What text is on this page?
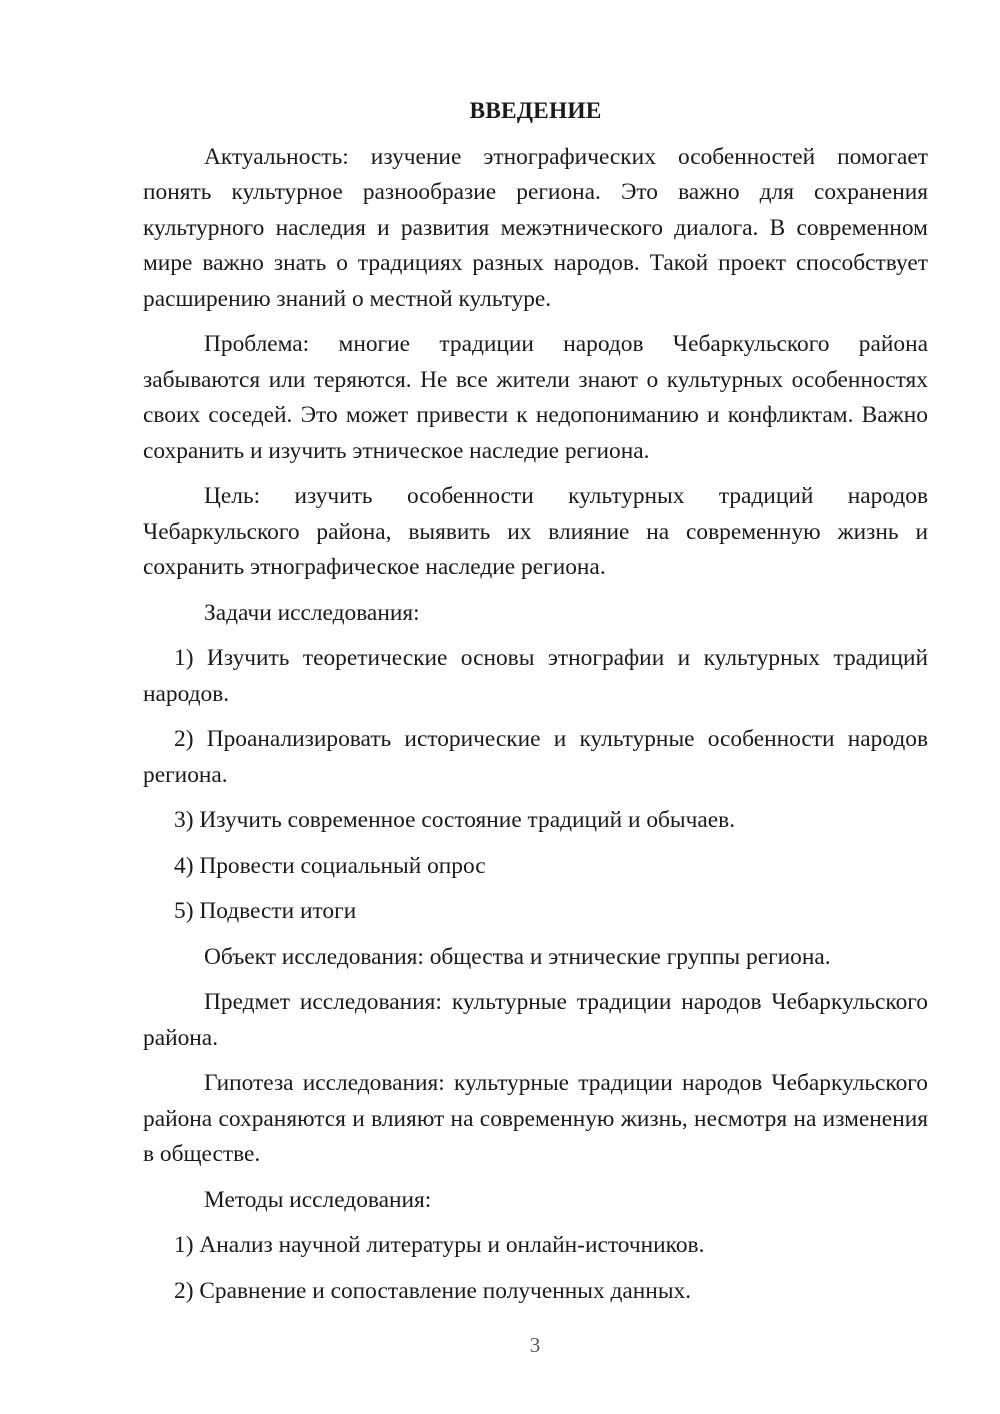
ВВЕДЕНИЕ

Актуальность: изучение этнографических особенностей помогает понять культурное разнообразие региона. Это важно для сохранения культурного наследия и развития межэтнического диалога. В современном мире важно знать о традициях разных народов. Такой проект способствует расширению знаний о местной культуре.

Проблема: многие традиции народов Чебаркульского района забываются или теряются. Не все жители знают о культурных особенностях своих соседей. Это может привести к недопониманию и конфликтам. Важно сохранить и изучить этническое наследие региона.

Цель: изучить особенности культурных традиций народов Чебаркульского района, выявить их влияние на современную жизнь и сохранить этнографическое наследие региона.

Задачи исследования:

1) Изучить теоретические основы этнографии и культурных традиций народов.

2) Проанализировать исторические и культурные особенности народов региона.

3) Изучить современное состояние традиций и обычаев.

4) Провести социальный опрос

5) Подвести итоги

Объект исследования: общества и этнические группы региона.

Предмет исследования: культурные традиции народов Чебаркульского района.

Гипотеза исследования: культурные традиции народов Чебаркульского района сохраняются и влияют на современную жизнь, несмотря на изменения в обществе.

Методы исследования:

1) Анализ научной литературы и онлайн-источников.

2) Сравнение и сопоставление полученных данных.

3
